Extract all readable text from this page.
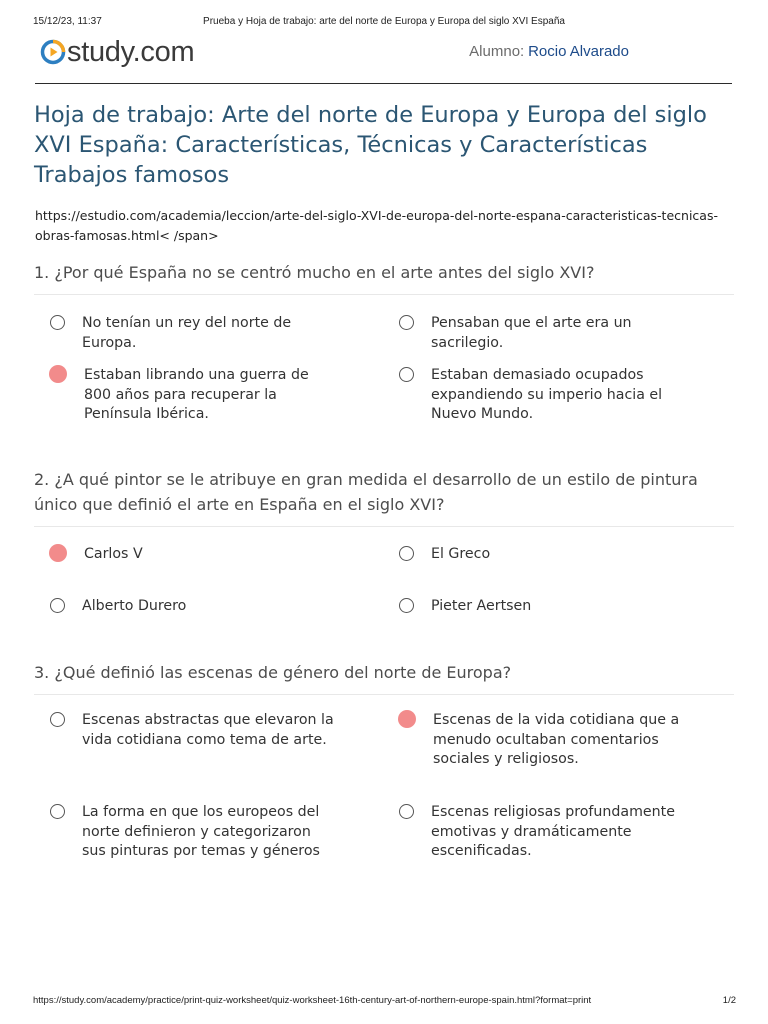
15/12/23, 11:37	Prueba y Hoja de trabajo: arte del norte de Europa y Europa del siglo XVI España
study.com	Alumno: Rocio Alvarado
Hoja de trabajo: Arte del norte de Europa y Europa del siglo XVI España: Características, Técnicas y Características Trabajos famosos
https://estudio.com/academia/leccion/arte-del-siglo-XVI-de-europa-del-norte-espana-caracteristicas-tecnicas-obras-famosas.html< /span>

1. ¿Por qué España no se centró mucho en el arte antes del siglo XVI?

No tenían un rey del norte de Europa.
Pensaban que el arte era un sacrilegio.
Estaban librando una guerra de 800 años para recuperar la Península Ibérica.
Estaban demasiado ocupados expandiendo su imperio hacia el Nuevo Mundo.

2. ¿A qué pintor se le atribuye en gran medida el desarrollo de un estilo de pintura único que definió el arte en España en el siglo XVI?

Carlos V	El Greco
Alberto Durero	Pieter Aertsen

3. ¿Qué definió las escenas de género del norte de Europa?

Escenas abstractas que elevaron la vida cotidiana como tema de arte.
Escenas de la vida cotidiana que a menudo ocultaban comentarios sociales y religiosos.
La forma en que los europeos del norte definieron y categorizaron sus pinturas por temas y géneros
Escenas religiosas profundamente emotivas y dramáticamente escenificadas.
https://study.com/academy/practice/print-quiz-worksheet/quiz-worksheet-16th-century-art-of-northern-europe-spain.html?format=print	1/2
